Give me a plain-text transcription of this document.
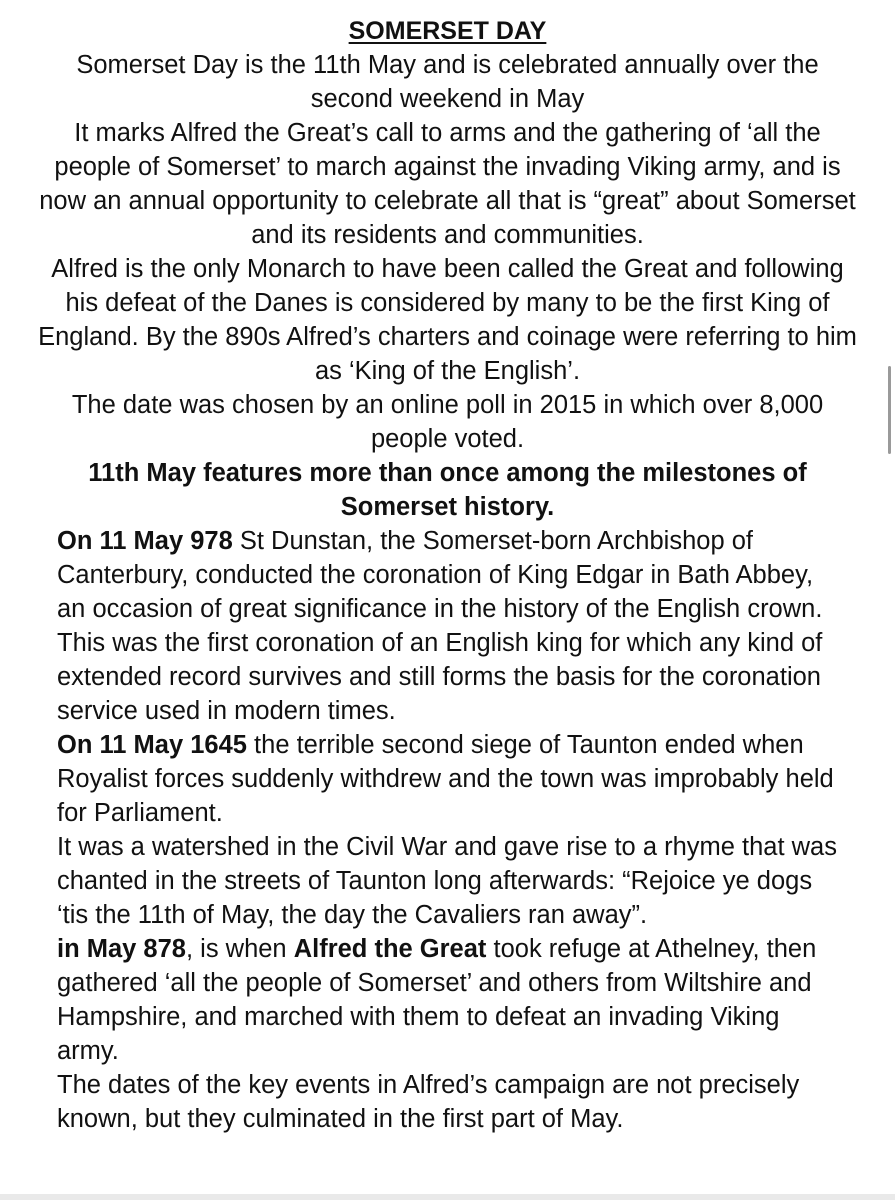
SOMERSET DAY

Somerset Day is the 11th May and is celebrated annually over the second weekend in May

It marks Alfred the Great’s call to arms and the gathering of ‘all the people of Somerset’ to march against the invading Viking army, and is now an annual opportunity to celebrate all that is “great” about Somerset and its residents and communities.

Alfred is the only Monarch to have been called the Great and following his defeat of the Danes is considered by many to be the first King of England. By the 890s Alfred’s charters and coinage were referring to him as ‘King of the English’.

The date was chosen by an online poll in 2015 in which over 8,000 people voted.

11th May features more than once among the milestones of Somerset history.

On 11 May 978 St Dunstan, the Somerset-born Archbishop of Canterbury, conducted the coronation of King Edgar in Bath Abbey, an occasion of great significance in the history of the English crown.

This was the first coronation of an English king for which any kind of extended record survives and still forms the basis for the coronation service used in modern times.

On 11 May 1645 the terrible second siege of Taunton ended when Royalist forces suddenly withdrew and the town was improbably held for Parliament.

It was a watershed in the Civil War and gave rise to a rhyme that was chanted in the streets of Taunton long afterwards: “Rejoice ye dogs ‘tis the 11th of May, the day the Cavaliers ran away”.

in May 878, is when Alfred the Great took refuge at Athelney, then gathered ‘all the people of Somerset’ and others from Wiltshire and Hampshire, and marched with them to defeat an invading Viking army.

The dates of the key events in Alfred’s campaign are not precisely known, but they culminated in the first part of May.
